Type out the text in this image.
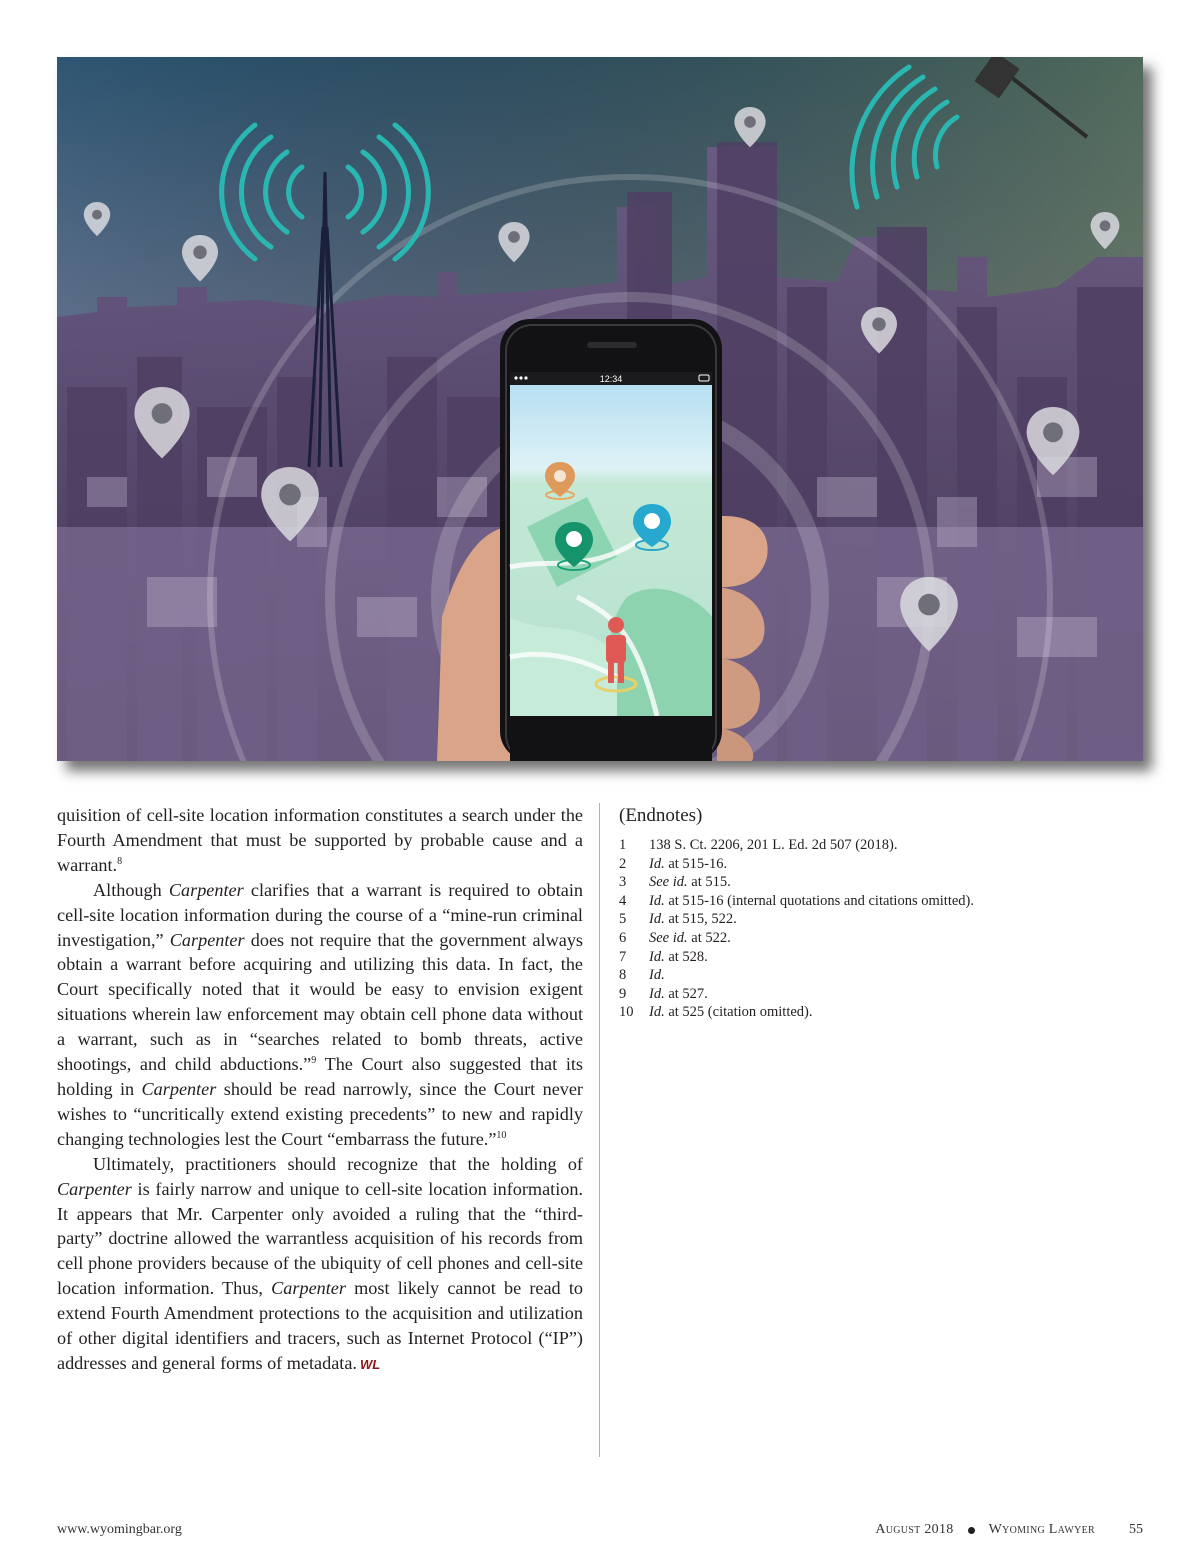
12:34

quisition of cell-site location information constitutes a search under the Fourth Amendment that must be supported by probable cause and a warrant.$^8$

Although Carpenter clarifies that a warrant is required to obtain cell-site location information during the course of a “mine-run criminal investigation,” Carpenter does not require that the government always obtain a warrant before acquiring and utilizing this data. In fact, the Court specifically noted that it would be easy to envision exigent situations wherein law enforcement may obtain cell phone data without a warrant, such as in “searches related to bomb threats, active shootings, and child abductions.”$^9$ The Court also suggested that its holding in Carpenter should be read narrowly, since the Court never wishes to “uncritically extend existing precedents” to new and rapidly changing technologies lest the Court “embarrass the future.”$^{10}$

Ultimately, practitioners should recognize that the holding of Carpenter is fairly narrow and unique to cell-site location information. It appears that Mr. Carpenter only avoided a ruling that the “third-party” doctrine allowed the warrantless acquisition of his records from cell phone providers because of the ubiquity of cell phones and cell-site location information. Thus, Carpenter most likely cannot be read to extend Fourth Amendment protections to the acquisition and utilization of other digital identifiers and tracers, such as Internet Protocol (“IP”) addresses and general forms of metadata. WL

(Endnotes)
1	138 S. Ct. 2206, 201 L. Ed. 2d 507 (2018).
2	Id. at 515-16.
3	See id. at 515.
4	Id. at 515-16 (internal quotations and citations omitted).
5	Id. at 515, 522.
6	See id. at 522.
7	Id. at 528.
8	Id.
9	Id. at 527.
10	Id. at 525 (citation omitted).
www.wyomingbar.org	August 2018	Wyoming Lawyer 55
